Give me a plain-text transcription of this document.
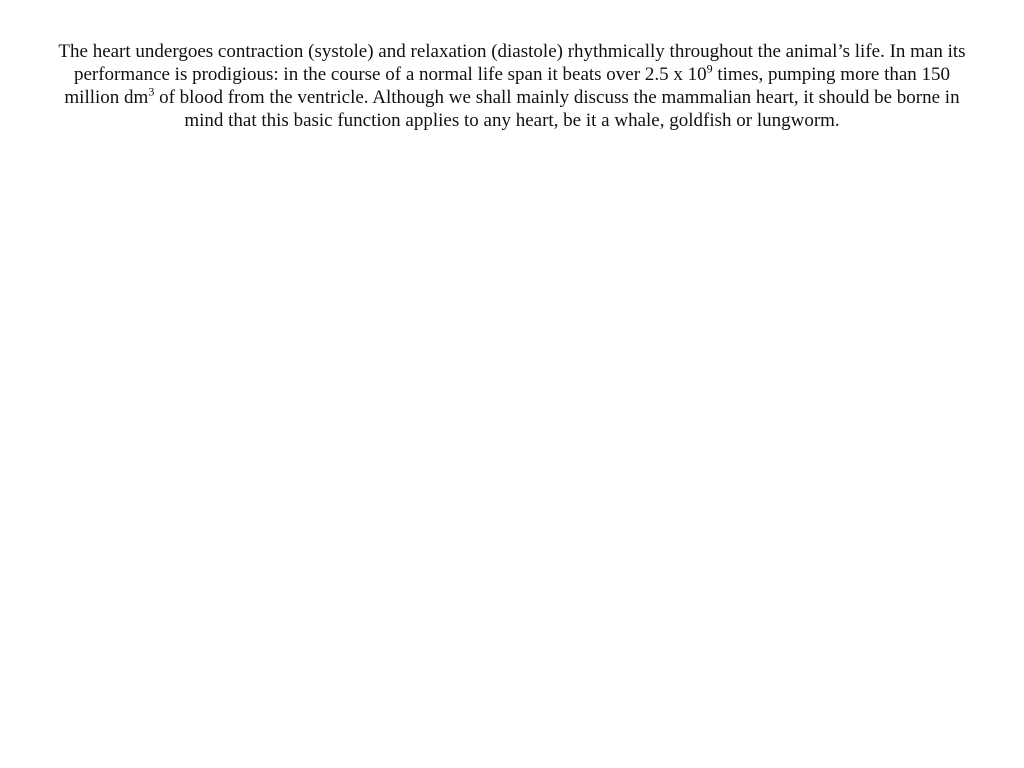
The heart undergoes contraction (systole) and relaxation (diastole) rhythmically throughout the animal’s life. In man its performance is prodigious: in the course of a normal life span it beats over 2.5 x $10^9$ times, pumping more than 150 million $dm^3$ of blood from the ventricle. Although we shall mainly discuss the mammalian heart, it should be borne in mind that this basic function applies to any heart, be it a whale, goldfish or lungworm.
